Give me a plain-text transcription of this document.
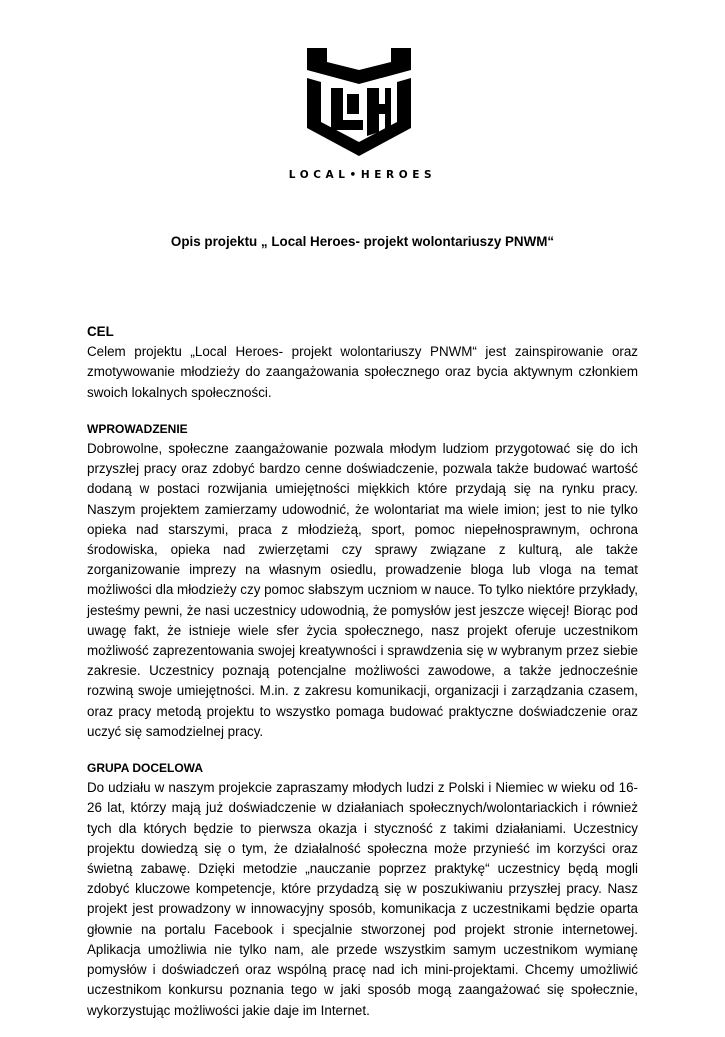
LOCAL•HEROES
Opis projektu „ Local Heroes- projekt wolontariuszy PNWM“
CEL

Celem projektu „Local Heroes- projekt wolontariuszy PNWM“ jest zainspirowanie oraz zmotywowanie młodzieży do zaangażowania społecznego oraz bycia aktywnym członkiem swoich lokalnych społeczności.

WPROWADZENIE

Dobrowolne, społeczne zaangażowanie pozwala młodym ludziom przygotować się do ich przyszłej pracy oraz zdobyć bardzo cenne doświadczenie, pozwala także budować wartość dodaną w postaci rozwijania umiejętności miękkich które przydają się na rynku pracy. Naszym projektem zamierzamy udowodnić, że wolontariat ma wiele imion; jest to nie tylko opieka nad starszymi, praca z młodzieżą, sport, pomoc niepełnosprawnym, ochrona środowiska, opieka nad zwierzętami czy sprawy związane z kulturą, ale także zorganizowanie imprezy na własnym osiedlu, prowadzenie bloga lub vloga na temat możliwości dla młodzieży czy pomoc słabszym uczniom w nauce. To tylko niektóre przykłady, jesteśmy pewni, że nasi uczestnicy udowodnią, że pomysłów jest jeszcze więcej! Biorąc pod uwagę fakt, że istnieje wiele sfer życia społecznego, nasz projekt oferuje uczestnikom możliwość zaprezentowania swojej kreatywności i sprawdzenia się w wybranym przez siebie zakresie. Uczestnicy poznają potencjalne możliwości zawodowe, a także jednocześnie rozwiną swoje umiejętności. M.in. z zakresu komunikacji, organizacji i zarządzania czasem, oraz pracy metodą projektu to wszystko pomaga budować praktyczne doświadczenie oraz uczyć się samodzielnej pracy.

GRUPA DOCELOWA

Do udziału w naszym projekcie zapraszamy młodych ludzi z Polski i Niemiec w wieku od 16-26 lat, którzy mają już doświadczenie w działaniach społecznych/wolontariackich i również tych dla których będzie to pierwsza okazja i styczność z takimi działaniami. Uczestnicy projektu dowiedzą się o tym, że działalność społeczna może przynieść im korzyści oraz świetną zabawę. Dzięki metodzie „nauczanie poprzez praktykę“ uczestnicy będą mogli zdobyć kluczowe kompetencje, które przydadzą się w poszukiwaniu przyszłej pracy. Nasz projekt jest prowadzony w innowacyjny sposób, komunikacja z uczestnikami będzie oparta głownie na portalu Facebook i specjalnie stworzonej pod projekt stronie internetowej. Aplikacja umożliwia nie tylko nam, ale przede wszystkim samym uczestnikom wymianę pomysłów i doświadczeń oraz wspólną pracę nad ich mini-projektami. Chcemy umożliwić uczestnikom konkursu poznania tego w jaki sposób mogą zaangażować się społecznie, wykorzystując możliwości jakie daje im Internet.
